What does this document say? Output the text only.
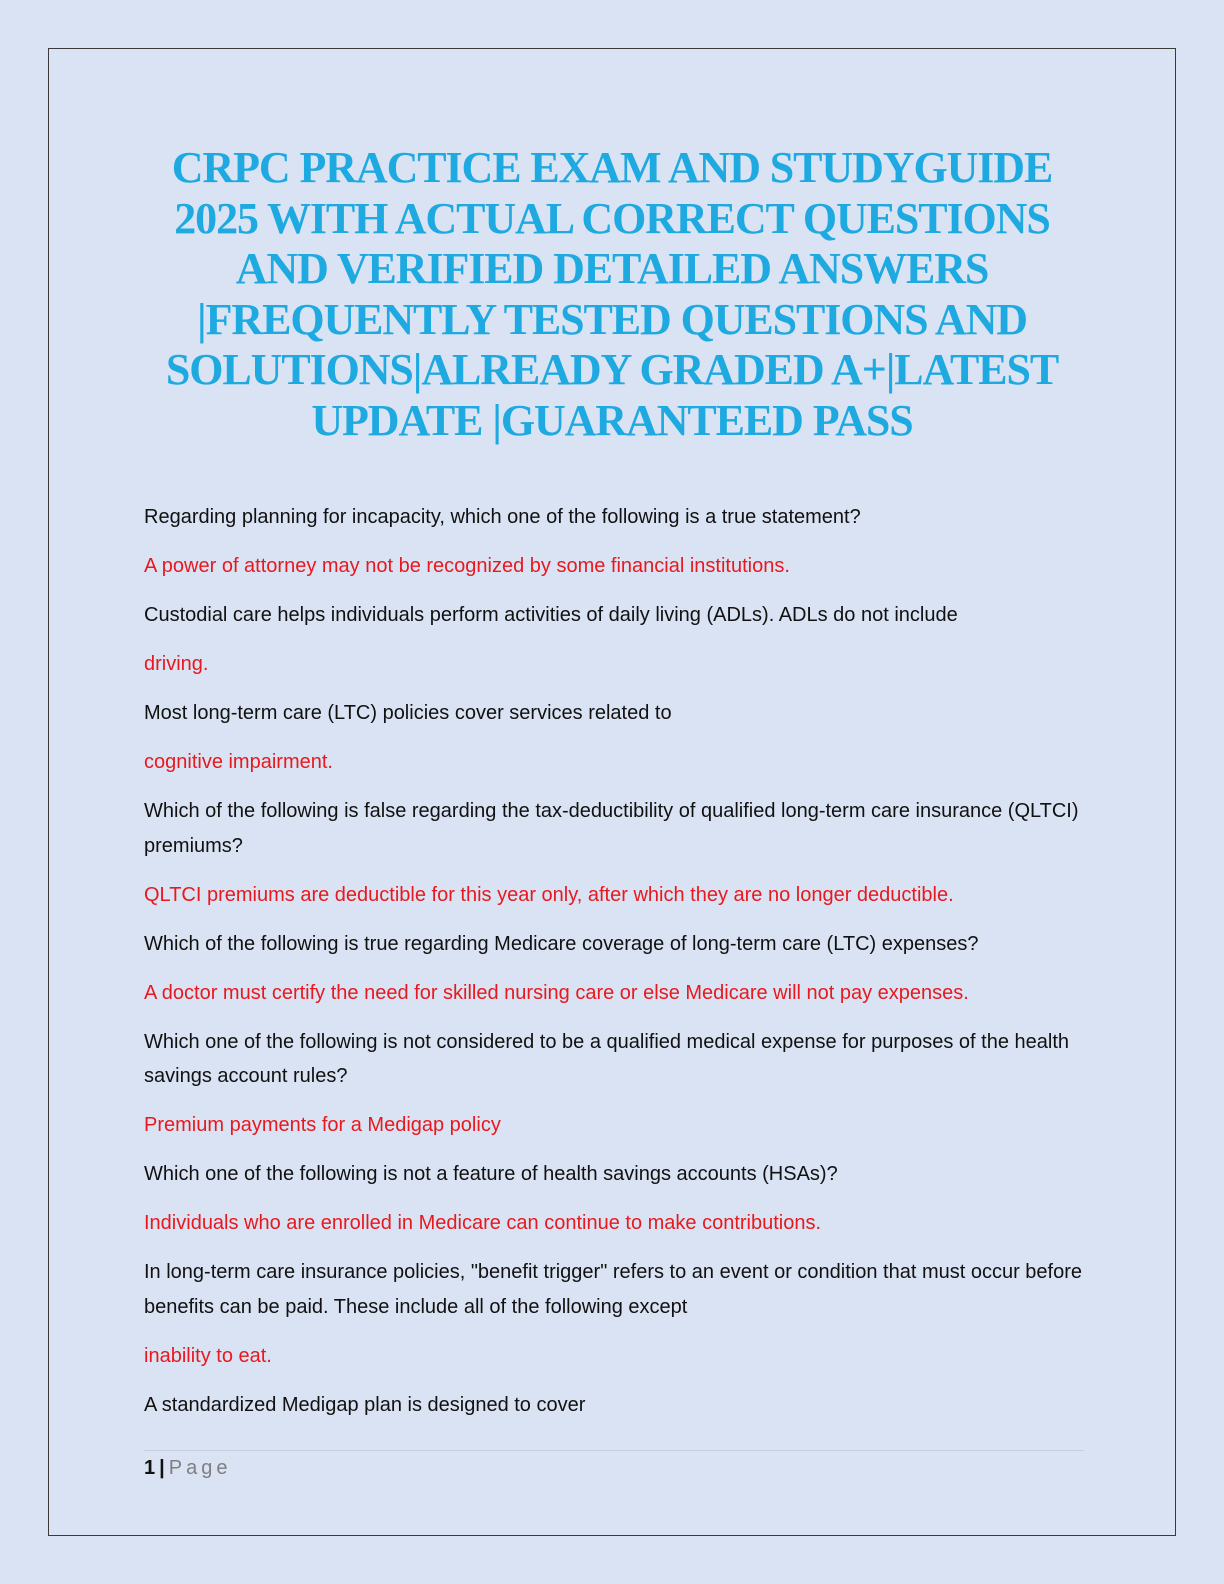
CRPC PRACTICE EXAM AND STUDYGUIDE
2025 WITH ACTUAL CORRECT QUESTIONS
AND VERIFIED DETAILED ANSWERS
|FREQUENTLY TESTED QUESTIONS AND
SOLUTIONS|ALREADY GRADED A+|LATEST
UPDATE |GUARANTEED PASS

Regarding planning for incapacity, which one of the following is a true statement?

A power of attorney may not be recognized by some financial institutions.

Custodial care helps individuals perform activities of daily living (ADLs). ADLs do not include

driving.

Most long-term care (LTC) policies cover services related to

cognitive impairment.

Which of the following is false regarding the tax-deductibility of qualified long-term care insurance (QLTCI) premiums?

QLTCI premiums are deductible for this year only, after which they are no longer deductible.

Which of the following is true regarding Medicare coverage of long-term care (LTC) expenses?

A doctor must certify the need for skilled nursing care or else Medicare will not pay expenses.

Which one of the following is not considered to be a qualified medical expense for purposes of the health savings account rules?

Premium payments for a Medigap policy

Which one of the following is not a feature of health savings accounts (HSAs)?

Individuals who are enrolled in Medicare can continue to make contributions.

In long-term care insurance policies, "benefit trigger" refers to an event or condition that must occur before benefits can be paid. These include all of the following except

inability to eat.

A standardized Medigap plan is designed to cover

1 | Page
